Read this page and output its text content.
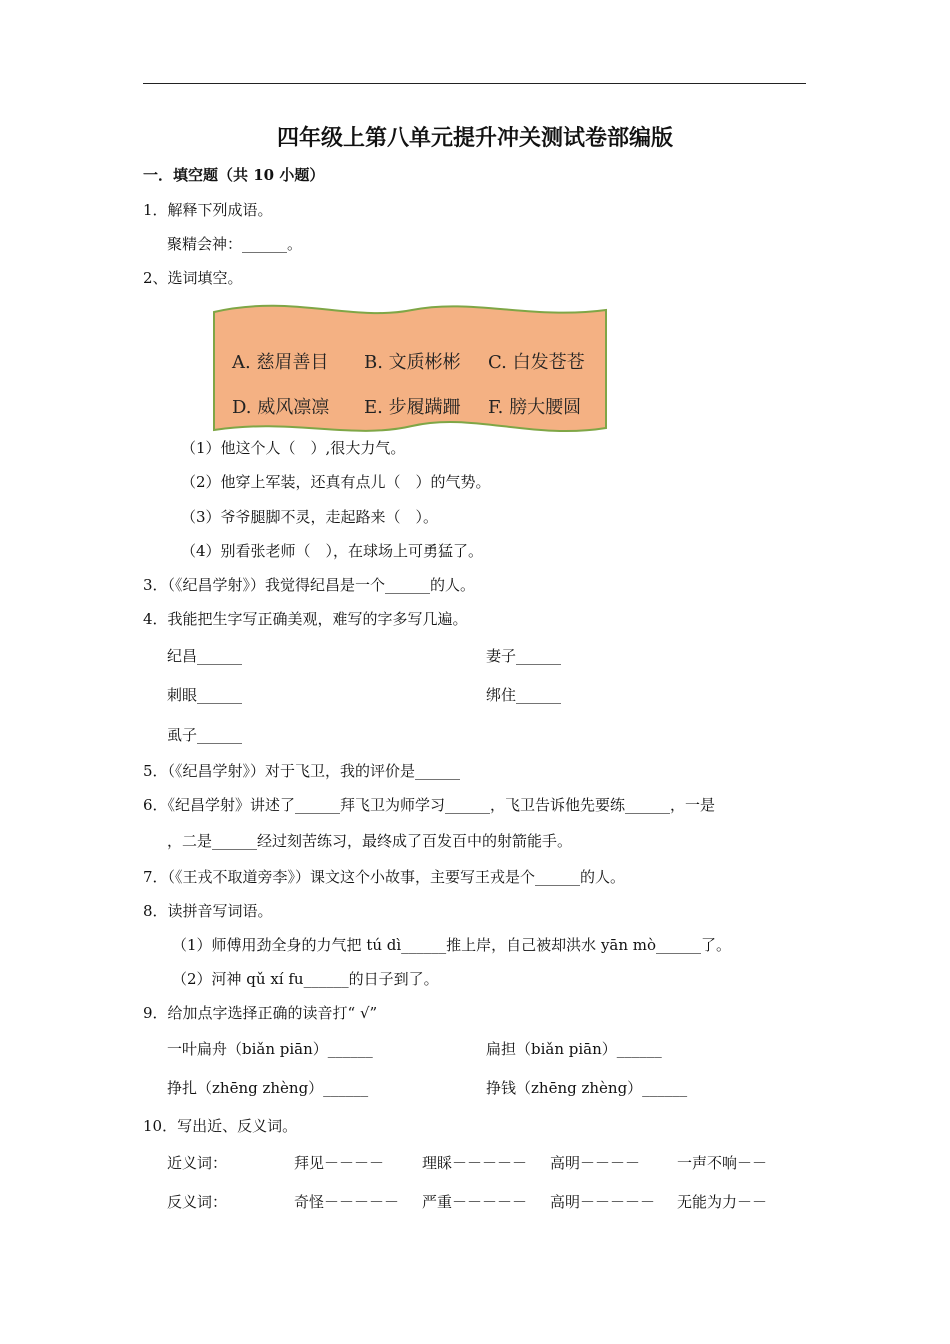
四年级上第八单元提升冲关测试卷部编版
一．填空题（共 10 小题）
1．解释下列成语。
聚精会神：______。
2、选词填空。
A. 慈眉善目 B. 文质彬彬 C. 白发苍苍
D. 威风凛凛 E. 步履蹒跚 F. 膀大腰圆
（1）他这个人（　）,很大力气。
（2）他穿上军装，还真有点儿（　）的气势。
（3）爷爷腿脚不灵，走起路来（　）。
（4）别看张老师（　），在球场上可勇猛了。
3．（《纪昌学射》）我觉得纪昌是一个______的人。
4．我能把生字写正确美观，难写的字多写几遍。
纪昌______	妻子______
刺眼______	绑住______
虱子______
5．（《纪昌学射》）对于飞卫，我的评价是______
6．《纪昌学射》讲述了______拜飞卫为师学习______，飞卫告诉他先要练______，一是
，二是______经过刻苦练习，最终成了百发百中的射箭能手。
7．（《王戎不取道旁李》）课文这个小故事，主要写王戎是个______的人。
8．读拼音写词语。
（1）师傅用劲全身的力气把 tú dì______推上岸，自己被却洪水 yān mò______了。
（2）河神 qǔ xí fu______的日子到了。
9．给加点字选择正确的读音打“ √”
一叶扁舟（biǎn piān）______	扁担（biǎn piān）______
挣扎（zhēng zhèng）______	挣钱（zhēng zhèng）______
10．写出近、反义词。
近义词：	拜见－－－－	理睬－－－－－ 高明－－－－ 一声不响－－
反义词：	奇怪－－－－－ 严重－－－－－ 高明－－－－－ 无能为力－－
